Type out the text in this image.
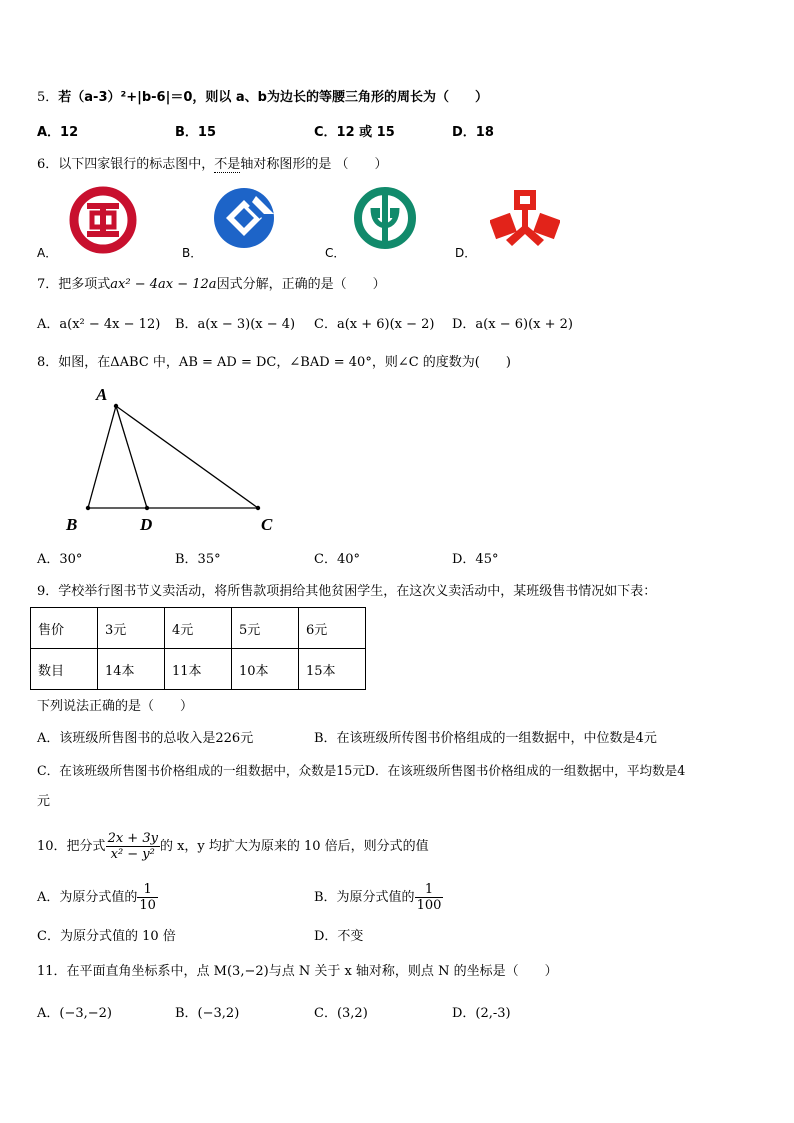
5．若（a-3）²+|b-6|＝0，则以 a、b为边长的等腰三角形的周长为（　　）
A．12	B．15	C．12 或 15	D．18
6．以下四家银行的标志图中，不是轴对称图形的是 （　　）
A．	B．	C．	D．
7．把多项式ax² − 4ax − 12a因式分解，正确的是（　　）
A．a(x² − 4x − 12) B．a(x − 3)(x − 4) C．a(x + 6)(x − 2) D．a(x − 6)(x + 2)
8．如图，在ΔABC 中，AB = AD = DC，∠BAD = 40°，则∠C 的度数为(　　)
A
B	D	C
A．30°	B．35°	C．40°	D．45°
9．学校举行图书节义卖活动，将所售款项捐给其他贫困学生，在这次义卖活动中，某班级售书情况如下表：
售价	3元	4元	5元	6元
数目	14本	11本	10本	15本
下列说法正确的是（　　）
A．该班级所售图书的总收入是226元	B．在该班级所传图书价格组成的一组数据中，中位数是4元
C．在该班级所售图书价格组成的一组数据中，众数是15元D．在该班级所售图书价格组成的一组数据中，平均数是4
元
10．把分式 $\frac{2x + 3y}{\text{x² − y²}}$ 的 x，y 均扩大为原来的 10 倍后，则分式的值
A．为原分式值的 $\frac{1}{10}$	B．为原分式值的 $\frac{1}{100}$
C．为原分式值的 10 倍	D．不变
11．在平面直角坐标系中，点 M(3,−2)与点 N 关于 x 轴对称，则点 N 的坐标是（　　）
A．(−3,−2)	B．(−3,2)	C．(3,2)	D．(2,-3)
